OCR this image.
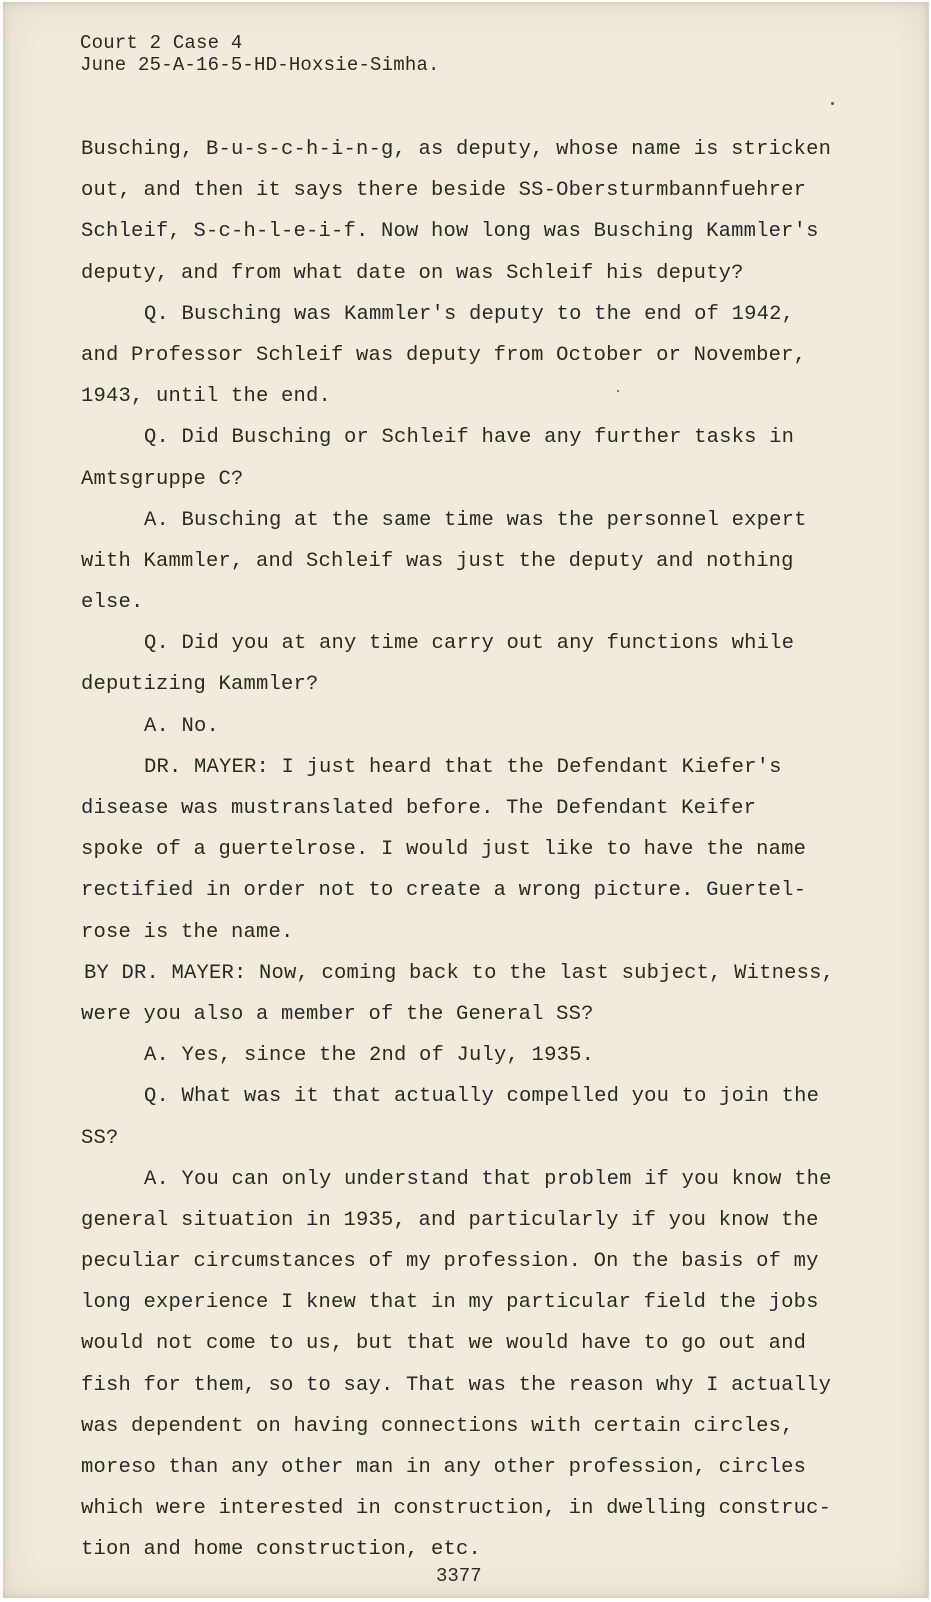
Court 2 Case 4
June 25-A-16-5-HD-Hoxsie-Simha.
Busching, B-u-s-c-h-i-n-g, as deputy, whose name is stricken
out, and then it says there beside SS-Obersturmbannfuehrer
Schleif, S-c-h-l-e-i-f. Now how long was Busching Kammler's
deputy, and from what date on was Schleif his deputy?
Q. Busching was Kammler's deputy to the end of 1942,
and Professor Schleif was deputy from October or November,
1943, until the end.
Q. Did Busching or Schleif have any further tasks in
Amtsgruppe C?
A. Busching at the same time was the personnel expert
with Kammler, and Schleif was just the deputy and nothing
else.
Q. Did you at any time carry out any functions while
deputizing Kammler?
A. No.
DR. MAYER: I just heard that the Defendant Kiefer's
disease was mustranslated before. The Defendant Keifer
spoke of a guertelrose. I would just like to have the name
rectified in order not to create a wrong picture. Guertel-
rose is the name.
BY DR. MAYER: Now, coming back to the last subject, Witness,
were you also a member of the General SS?
A. Yes, since the 2nd of July, 1935.
Q. What was it that actually compelled you to join the
SS?
A. You can only understand that problem if you know the
general situation in 1935, and particularly if you know the
peculiar circumstances of my profession. On the basis of my
long experience I knew that in my particular field the jobs
would not come to us, but that we would have to go out and
fish for them, so to say. That was the reason why I actually
was dependent on having connections with certain circles,
moreso than any other man in any other profession, circles
which were interested in construction, in dwelling construc-
tion and home construction, etc.
3377
